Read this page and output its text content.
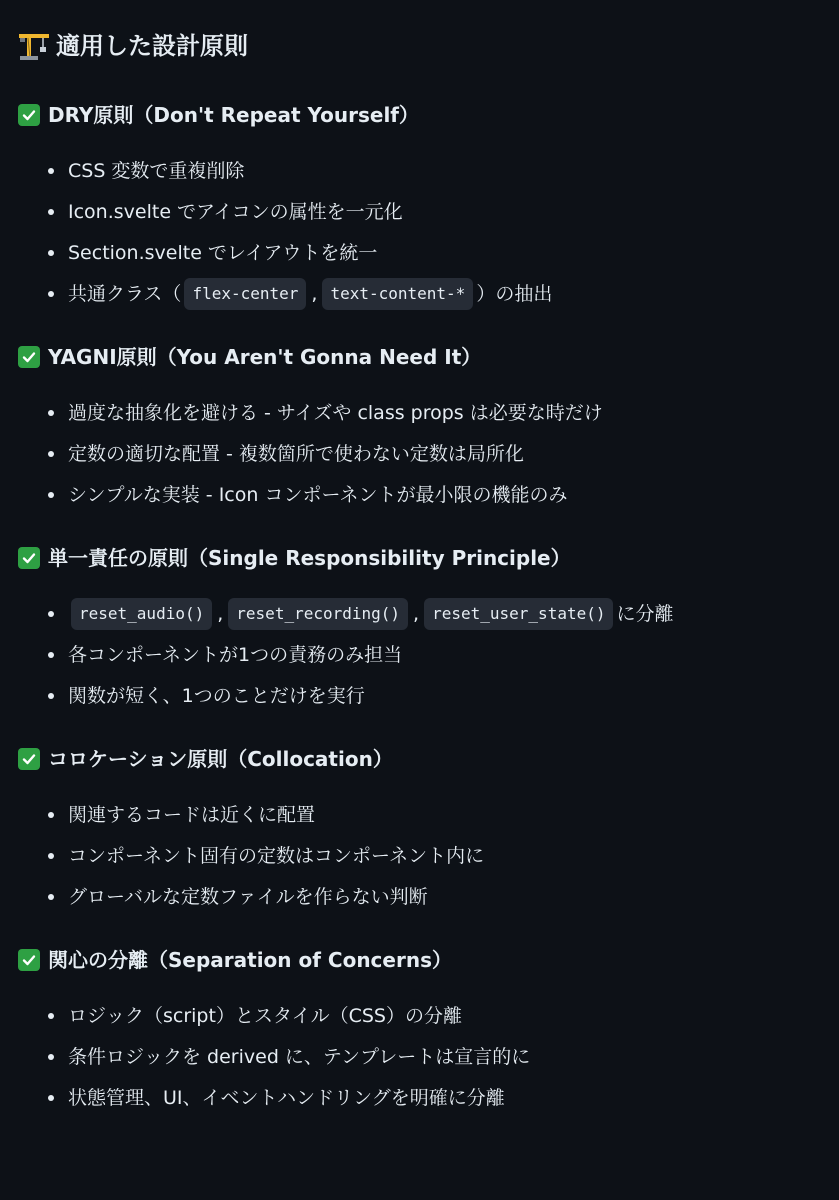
適用した設計原則
DRY原則（Don't Repeat Yourself）
CSS 変数で重複削除
Icon.svelte でアイコンの属性を一元化
Section.svelte でレイアウトを統一
共通クラス（ flex-center , text-content-* ）の抽出
YAGNI原則（You Aren't Gonna Need It）
過度な抽象化を避ける - サイズや class props は必要な時だけ
定数の適切な配置 - 複数箇所で使わない定数は局所化
シンプルな実装 - Icon コンポーネントが最小限の機能のみ
単一責任の原則（Single Responsibility Principle）
reset_audio() , reset_recording() , reset_user_state() に分離
各コンポーネントが1つの責務のみ担当
関数が短く、1つのことだけを実行
コロケーション原則（Collocation）
関連するコードは近くに配置
コンポーネント固有の定数はコンポーネント内に
グローバルな定数ファイルを作らない判断
関心の分離（Separation of Concerns）
ロジック（script）とスタイル（CSS）の分離
条件ロジックを derived に、テンプレートは宣言的に
状態管理、UI、イベントハンドリングを明確に分離
